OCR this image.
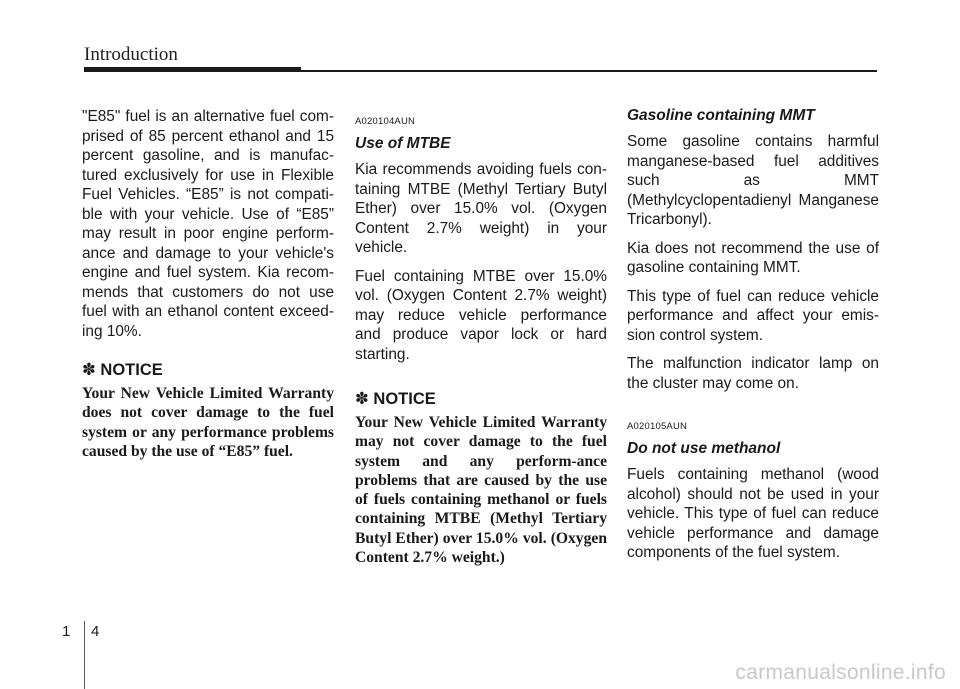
Introduction

"E85" fuel is an alternative fuel com-prised of 85 percent ethanol and 15 percent gasoline, and is manufac-tured exclusively for use in Flexible Fuel Vehicles. “E85” is not compati-ble with your vehicle. Use of “E85” may result in poor engine perform-ance and damage to your vehicle's engine and fuel system. Kia recom-mends that customers do not use fuel with an ethanol content exceed-ing 10%.

✽ NOTICE

Your New Vehicle Limited Warranty does not cover damage to the fuel system or any performance problems caused by the use of “E85” fuel.

A020104AUN
Use of MTBE

Kia recommends avoiding fuels con-taining MTBE (Methyl Tertiary Butyl Ether) over 15.0% vol. (Oxygen Content 2.7% weight) in your vehicle.

Fuel containing MTBE over 15.0% vol. (Oxygen Content 2.7% weight) may reduce vehicle performance and produce vapor lock or hard starting.

✽ NOTICE

Your New Vehicle Limited Warranty may not cover damage to the fuel system and any perform-ance problems that are caused by the use of fuels containing methanol or fuels containing MTBE (Methyl Tertiary Butyl Ether) over 15.0% vol. (Oxygen Content 2.7% weight.)

Gasoline containing MMT

Some gasoline contains harmful manganese-based fuel additives such as MMT (Methylcyclopentadienyl Manganese Tricarbonyl).

Kia does not recommend the use of gasoline containing MMT.

This type of fuel can reduce vehicle performance and affect your emis-sion control system.

The malfunction indicator lamp on the cluster may come on.

A020105AUN
Do not use methanol

Fuels containing methanol (wood alcohol) should not be used in your vehicle. This type of fuel can reduce vehicle performance and damage components of the fuel system.

1 4
carmanualsonline.info
